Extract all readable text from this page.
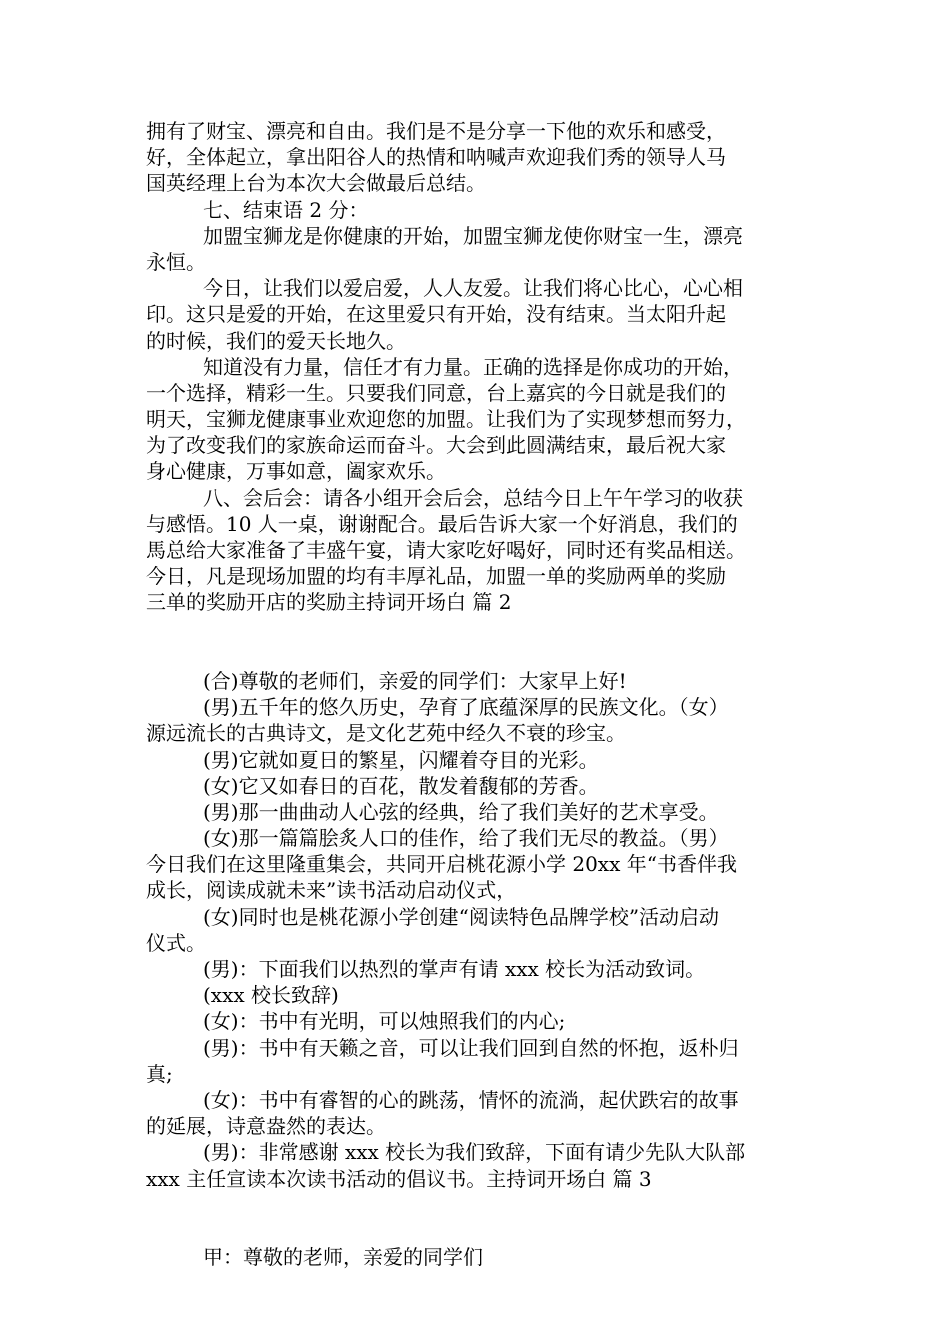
拥有了财宝、漂亮和自由。我们是不是分享一下他的欢乐和感受，
好，全体起立，拿出阳谷人的热情和呐喊声欢迎我们秀的领导人马
国英经理上台为本次大会做最后总结。
七、结束语 2 分：
加盟宝狮龙是你健康的开始，加盟宝狮龙使你财宝一生，漂亮
永恒。
今日，让我们以爱启爱，人人友爱。让我们将心比心，心心相
印。这只是爱的开始，在这里爱只有开始，没有结束。当太阳升起
的时候，我们的爱天长地久。
知道没有力量，信任才有力量。正确的选择是你成功的开始，
一个选择，精彩一生。只要我们同意，台上嘉宾的今日就是我们的
明天，宝狮龙健康事业欢迎您的加盟。让我们为了实现梦想而努力，
为了改变我们的家族命运而奋斗。大会到此圆满结束，最后祝大家
身心健康，万事如意，阖家欢乐。
八、会后会：请各小组开会后会，总结今日上午午学习的收获
与感悟。10 人一桌，谢谢配合。最后告诉大家一个好消息，我们的
馬总给大家准备了丰盛午宴，请大家吃好喝好，同时还有奖品相送。
今日，凡是现场加盟的均有丰厚礼品，加盟一单的奖励两单的奖励
三单的奖励开店的奖励主持词开场白 篇 2
(合)尊敬的老师们，亲爱的同学们：大家早上好!
(男)五千年的悠久历史，孕育了底蕴深厚的民族文化。（女）
源远流长的古典诗文，是文化艺苑中经久不衰的珍宝。
(男)它就如夏日的繁星，闪耀着夺目的光彩。
(女)它又如春日的百花，散发着馥郁的芳香。
(男)那一曲曲动人心弦的经典，给了我们美好的艺术享受。
(女)那一篇篇脍炙人口的佳作，给了我们无尽的教益。（男）
今日我们在这里隆重集会，共同开启桃花源小学 20xx 年“书香伴我
成长，阅读成就未来”读书活动启动仪式，
(女)同时也是桃花源小学创建“阅读特色品牌学校”活动启动
仪式。
(男)：下面我们以热烈的掌声有请 xxx 校长为活动致词。
(xxx 校长致辞)
(女)：书中有光明，可以烛照我们的内心;
(男)：书中有天籁之音，可以让我们回到自然的怀抱，返朴归
真;
(女)：书中有睿智的心的跳荡，情怀的流淌，起伏跌宕的故事
的延展，诗意盎然的表达。
(男)：非常感谢 xxx 校长为我们致辞，下面有请少先队大队部
xxx 主任宣读本次读书活动的倡议书。主持词开场白 篇 3
甲：尊敬的老师，亲爱的同学们
